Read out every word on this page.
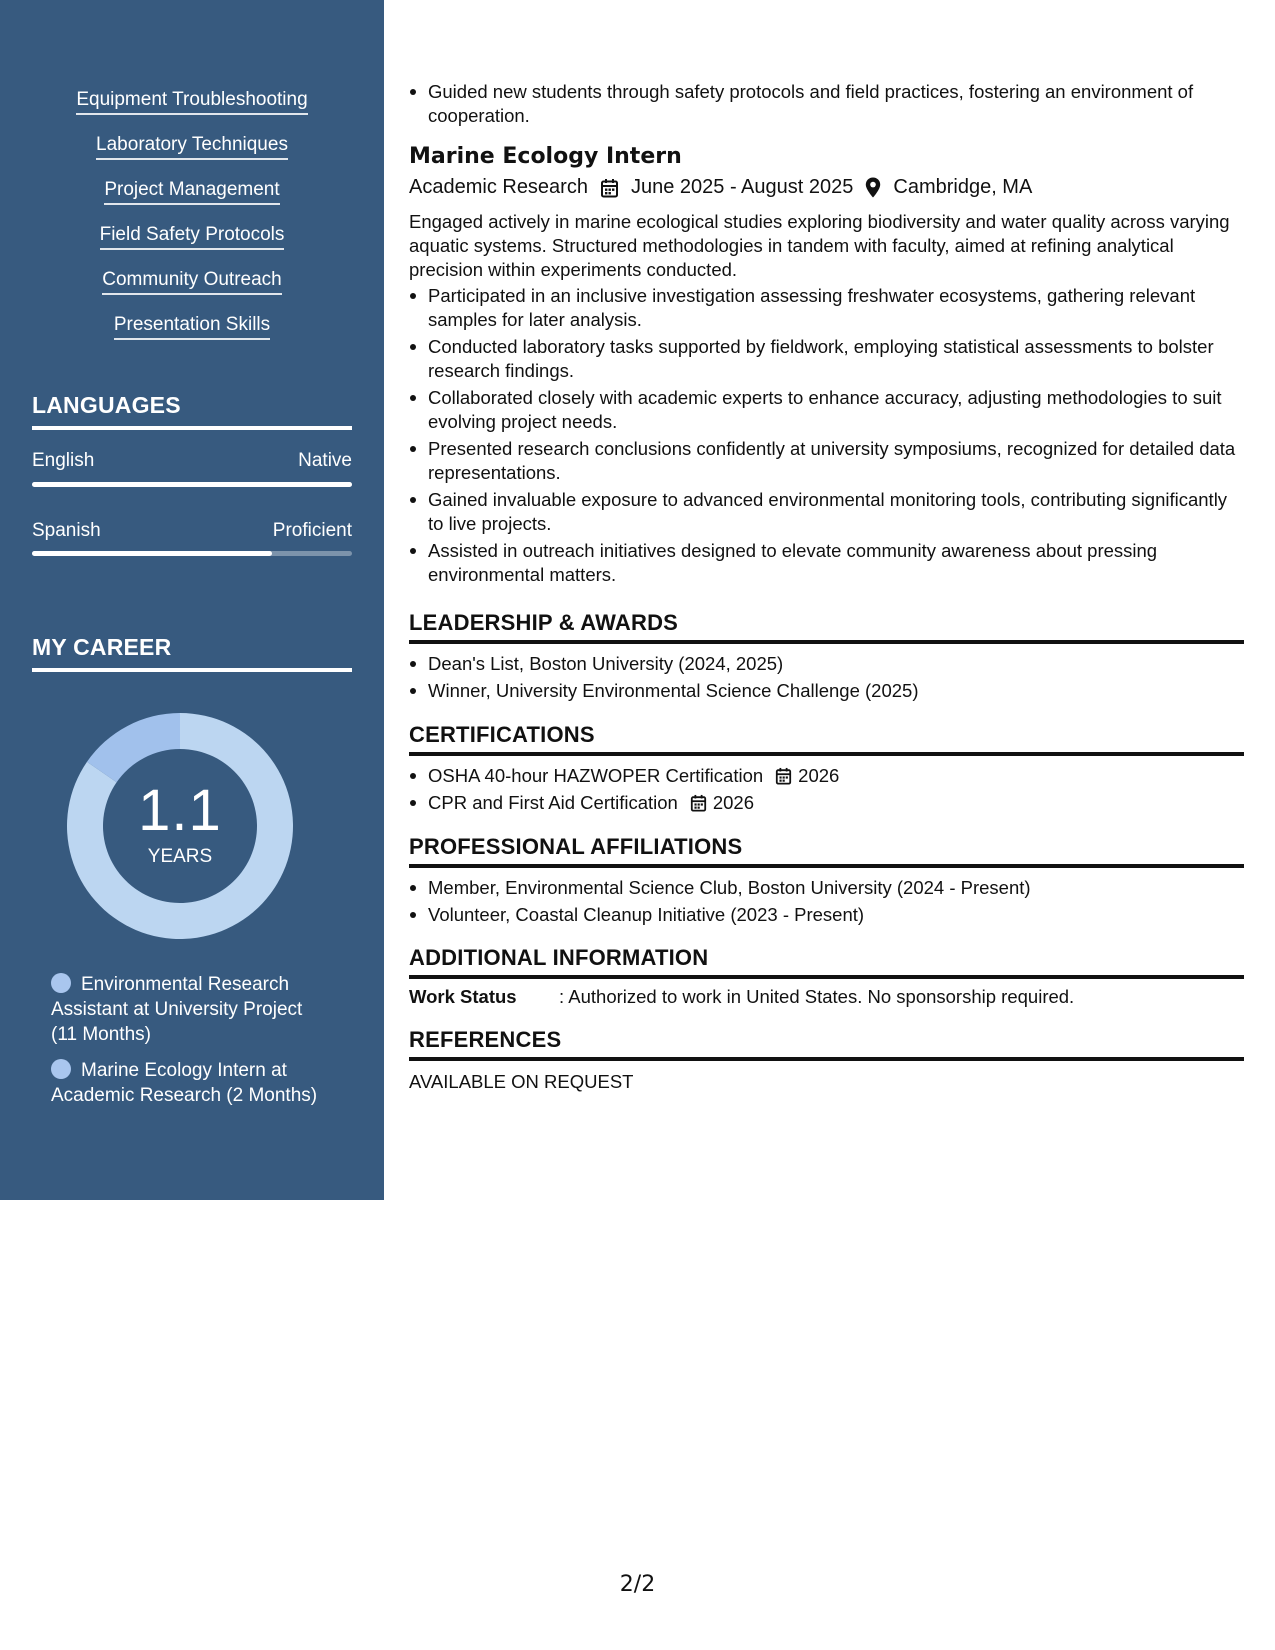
Equipment Troubleshooting
Laboratory Techniques
Project Management
Field Safety Protocols
Community Outreach
Presentation Skills
LANGUAGES
English	Native
Spanish	Proficient
MY CAREER
1.1
YEARS
Environmental Research Assistant at University Project (11 Months)
Marine Ecology Intern at Academic Research (2 Months)
Guided new students through safety protocols and field practices, fostering an environment of cooperation.
Marine Ecology Intern
Academic Research June 2025 - August 2025 Cambridge, MA
Engaged actively in marine ecological studies exploring biodiversity and water quality across varying aquatic systems. Structured methodologies in tandem with faculty, aimed at refining analytical precision within experiments conducted.
Participated in an inclusive investigation assessing freshwater ecosystems, gathering relevant samples for later analysis.
Conducted laboratory tasks supported by fieldwork, employing statistical assessments to bolster research findings.
Collaborated closely with academic experts to enhance accuracy, adjusting methodologies to suit evolving project needs.
Presented research conclusions confidently at university symposiums, recognized for detailed data representations.
Gained invaluable exposure to advanced environmental monitoring tools, contributing significantly to live projects.
Assisted in outreach initiatives designed to elevate community awareness about pressing environmental matters.
LEADERSHIP & AWARDS
Dean's List, Boston University (2024, 2025)
Winner, University Environmental Science Challenge (2025)
CERTIFICATIONS
OSHA 40-hour HAZWOPER Certification 2026
CPR and First Aid Certification 2026
PROFESSIONAL AFFILIATIONS
Member, Environmental Science Club, Boston University (2024 - Present)
Volunteer, Coastal Cleanup Initiative (2023 - Present)
ADDITIONAL INFORMATION
Work Status	: Authorized to work in United States. No sponsorship required.
REFERENCES
AVAILABLE ON REQUEST
2/2
